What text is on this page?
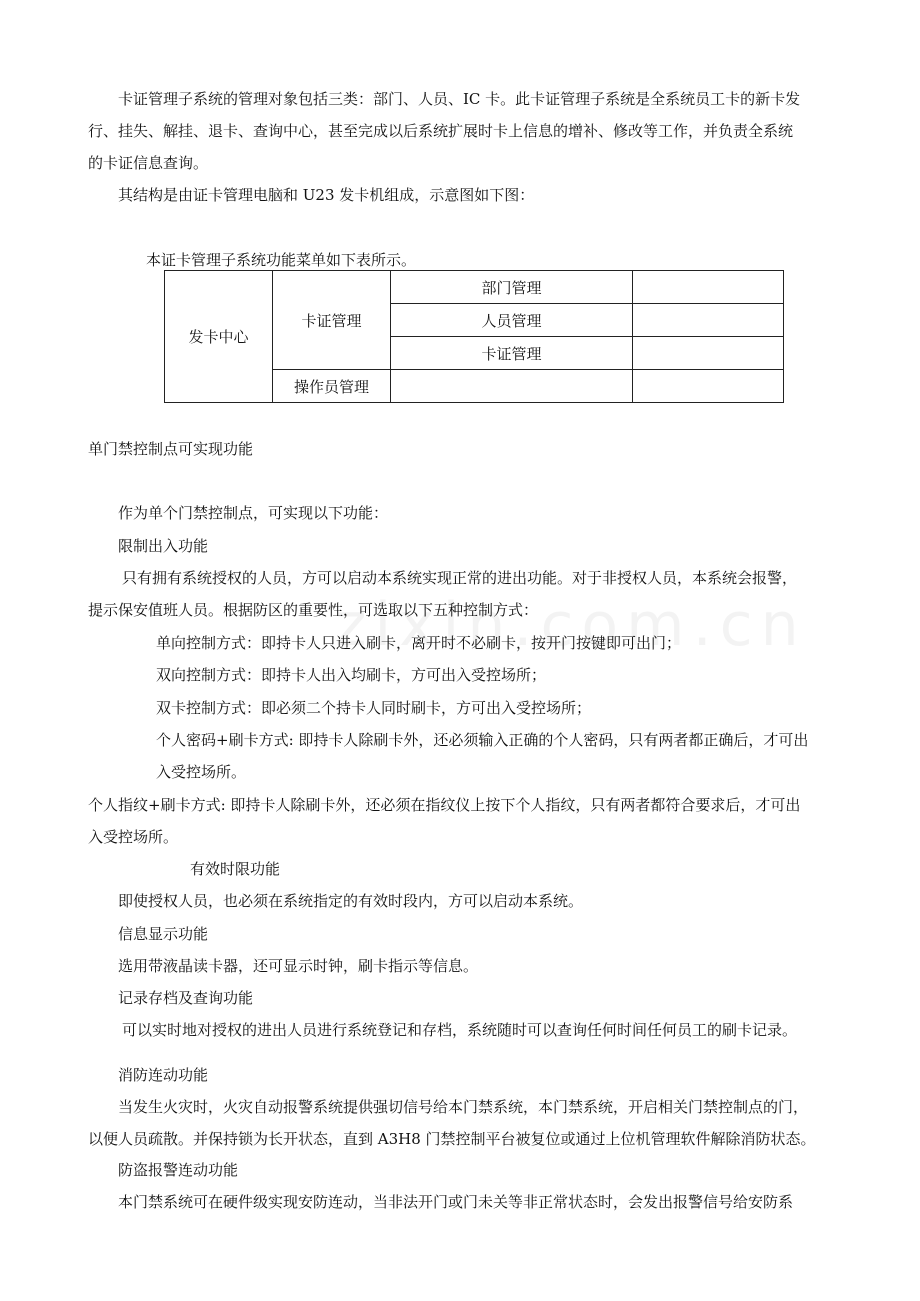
卡证管理子系统的管理对象包括三类：部门、人员、IC 卡。此卡证管理子系统是全系统员工卡的新卡发
行、挂失、解挂、退卡、查询中心，甚至完成以后系统扩展时卡上信息的增补、修改等工作，并负责全系统
的卡证信息查询。
其结构是由证卡管理电脑和 U23 发卡机组成，示意图如下图：
本证卡管理子系统功能菜单如下表所示。
发卡中心	卡证管理	部门管理	
		人员管理	
		卡证管理	
	操作员管理		
单门禁控制点可实现功能
作为单个门禁控制点，可实现以下功能：
限制出入功能
只有拥有系统授权的人员，方可以启动本系统实现正常的进出功能。对于非授权人员，本系统会报警，
提示保安值班人员。根据防区的重要性，可选取以下五种控制方式：
单向控制方式：即持卡人只进入刷卡，离开时不必刷卡，按开门按键即可出门；
双向控制方式：即持卡人出入均刷卡，方可出入受控场所；
双卡控制方式：即必须二个持卡人同时刷卡，方可出入受控场所；
个人密码+刷卡方式: 即持卡人除刷卡外，还必须输入正确的个人密码，只有两者都正确后，才可出
入受控场所。
个人指纹+刷卡方式: 即持卡人除刷卡外，还必须在指纹仪上按下个人指纹，只有两者都符合要求后，才可出
入受控场所。
有效时限功能
即使授权人员，也必须在系统指定的有效时段内，方可以启动本系统。
信息显示功能
选用带液晶读卡器，还可显示时钟，刷卡指示等信息。
记录存档及查询功能
可以实时地对授权的进出人员进行系统登记和存档，系统随时可以查询任何时间任何员工的刷卡记录。
消防连动功能
当发生火灾时，火灾自动报警系统提供强切信号给本门禁系统，本门禁系统，开启相关门禁控制点的门，
以便人员疏散。并保持锁为长开状态，直到 A3H8 门禁控制平台被复位或通过上位机管理软件解除消防状态。
防盗报警连动功能
本门禁系统可在硬件级实现安防连动，当非法开门或门未关等非正常状态时，会发出报警信号给安防系
